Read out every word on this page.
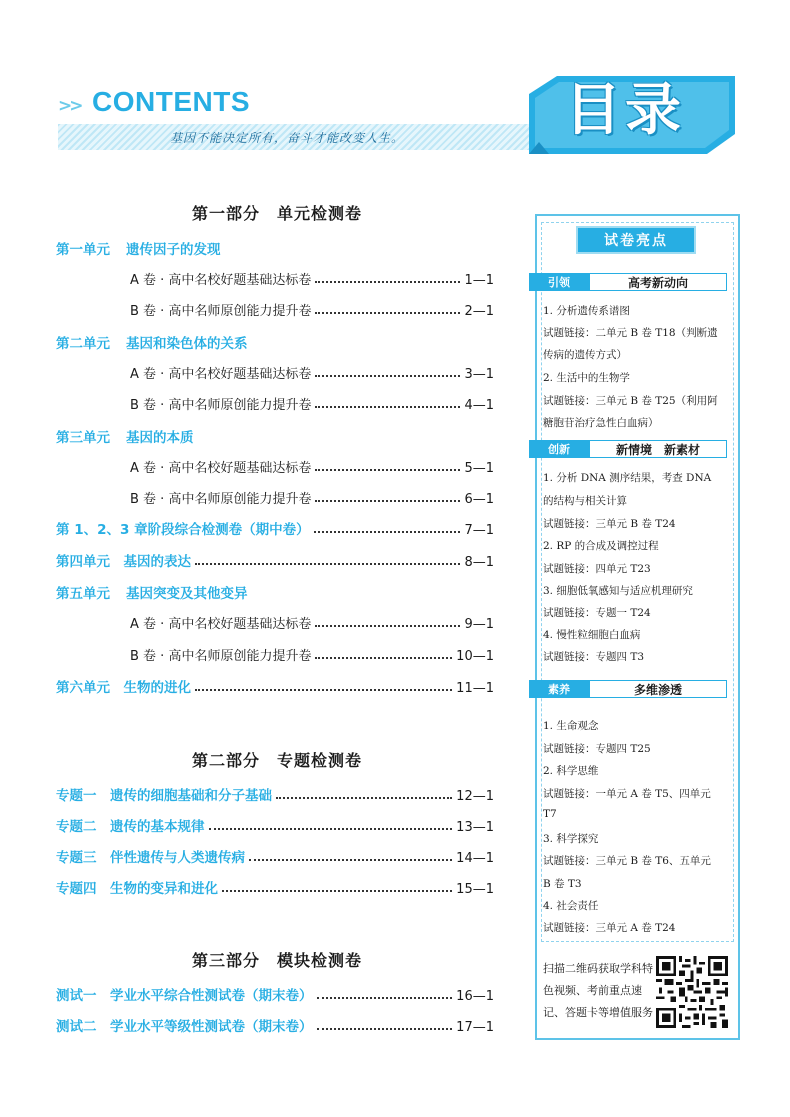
>> CONTENTS
基因不能决定所有，奋斗才能改变人生。	目录
第一部分　单元检测卷
第一单元 遗传因子的发现
A 卷 · 高中名校好题基础达标卷	1—1
B 卷 · 高中名师原创能力提升卷	2—1
第二单元 基因和染色体的关系
A 卷 · 高中名校好题基础达标卷	3—1
B 卷 · 高中名师原创能力提升卷	4—1
第三单元 基因的本质
A 卷 · 高中名校好题基础达标卷	5—1
B 卷 · 高中名师原创能力提升卷	6—1
第 1、2、3 章阶段综合检测卷（期中卷）	7—1
第四单元　基因的表达	8—1
第五单元 基因突变及其他变异
A 卷 · 高中名校好题基础达标卷	9—1
B 卷 · 高中名师原创能力提升卷	10—1
第六单元　生物的进化	11—1
第二部分　专题检测卷
专题一　遗传的细胞基础和分子基础	12—1
专题二　遗传的基本规律	13—1
专题三　伴性遗传与人类遗传病	14—1
专题四　生物的变异和进化	15—1
第三部分　模块检测卷
测试一　学业水平综合性测试卷（期末卷）	16—1
测试二　学业水平等级性测试卷（期末卷）	17—1
试卷亮点
引领	高考新动向
1. 分析遗传系谱图
试题链接：二单元 B 卷 T18（判断遗
传病的遗传方式）
2. 生活中的生物学
试题链接：三单元 B 卷 T25（利用阿
糖胞苷治疗急性白血病）
创新	新情境　新素材
1. 分析 DNA 测序结果，考查 DNA
的结构与相关计算
试题链接：三单元 B 卷 T24
2. RP 的合成及调控过程
试题链接：四单元 T23
3. 细胞低氧感知与适应机理研究
试题链接：专题一 T24
4. 慢性粒细胞白血病
试题链接：专题四 T3
素养	多维渗透
1. 生命观念
试题链接：专题四 T25
2. 科学思维
试题链接：一单元 A 卷 T5、四单元
T7
3. 科学探究
试题链接：三单元 B 卷 T6、五单元
B 卷 T3
4. 社会责任
试题链接：三单元 A 卷 T24
扫描二维码获取学科特色视频、考前重点速记、答题卡等增值服务
